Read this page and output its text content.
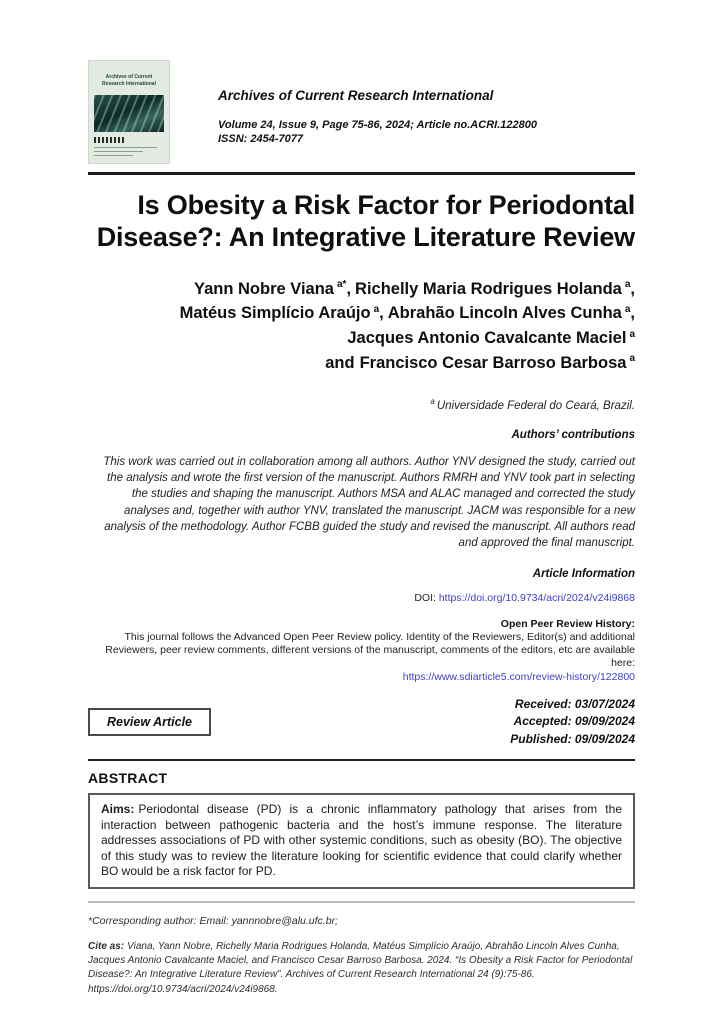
Archives of Current
Research International
Archives of Current Research International
Volume 24, Issue 9, Page 75-86, 2024; Article no.ACRI.122800
ISSN: 2454-7077
Is Obesity a Risk Factor for Periodontal Disease?: An Integrative Literature Review
Yann Nobre Viana $^{a*}$, Richelly Maria Rodrigues Holanda $^a$,
Matéus Simplício Araújo $^a$, Abrahão Lincoln Alves Cunha $^a$,
Jacques Antonio Cavalcante Maciel $^a$
and Francisco Cesar Barroso Barbosa $^a$
$^a$ Universidade Federal do Ceará, Brazil.
Authors’ contributions
This work was carried out in collaboration among all authors. Author YNV designed the study, carried out the analysis and wrote the first version of the manuscript. Authors RMRH and YNV took part in selecting the studies and shaping the manuscript. Authors MSA and ALAC managed and corrected the study analyses and, together with author YNV, translated the manuscript. JACM was responsible for a new analysis of the methodology. Author FCBB guided the study and revised the manuscript. All authors read and approved the final manuscript.
Article Information
DOI: https://doi.org/10.9734/acri/2024/v24i9868
Open Peer Review History:
This journal follows the Advanced Open Peer Review policy. Identity of the Reviewers, Editor(s) and additional Reviewers, peer review comments, different versions of the manuscript, comments of the editors, etc are available here:
https://www.sdiarticle5.com/review-history/122800
Review Article
Received: 03/07/2024
Accepted: 09/09/2024
Published: 09/09/2024
ABSTRACT
Aims: Periodontal disease (PD) is a chronic inflammatory pathology that arises from the interaction between pathogenic bacteria and the host’s immune response. The literature addresses associations of PD with other systemic conditions, such as obesity (BO). The objective of this study was to review the literature looking for scientific evidence that could clarify whether BO would be a risk factor for PD.
*Corresponding author: Email: yannnobre@alu.ufc.br;
Cite as: Viana, Yann Nobre, Richelly Maria Rodrigues Holanda, Matéus Simplício Araújo, Abrahão Lincoln Alves Cunha, Jacques Antonio Cavalcante Maciel, and Francisco Cesar Barroso Barbosa. 2024. “Is Obesity a Risk Factor for Periodontal Disease?: An Integrative Literature Review”. Archives of Current Research International 24 (9):75-86. https://doi.org/10.9734/acri/2024/v24i9868.
